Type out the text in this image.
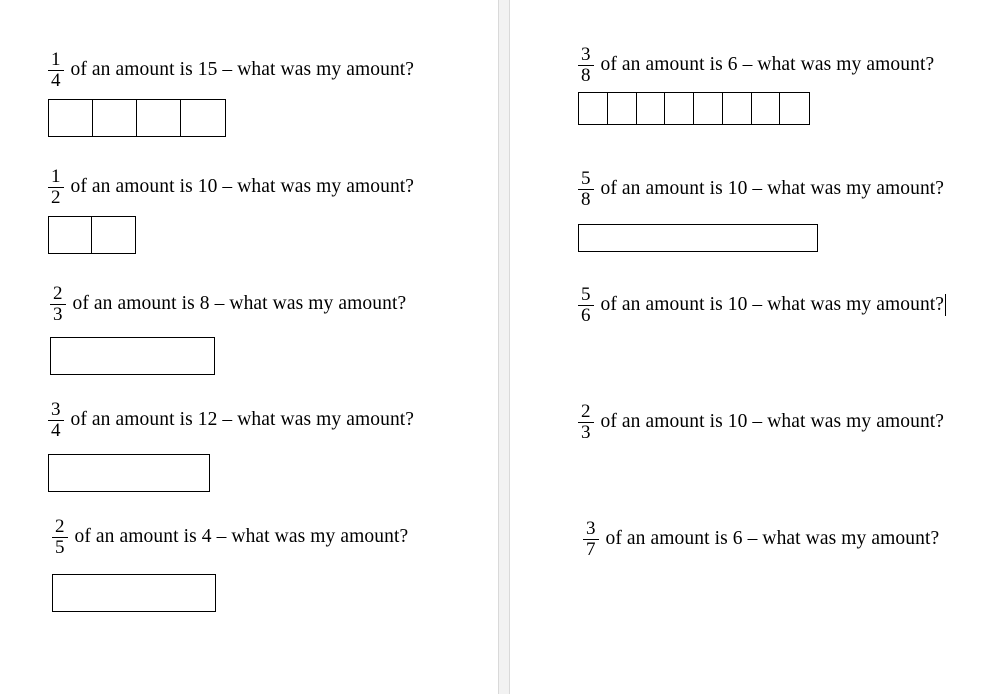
$\frac{1}{4}$ of an amount is 15 – what was my amount?
$\frac{1}{2}$ of an amount is 10 – what was my amount?
$\frac{2}{3}$ of an amount is 8 – what was my amount?
$\frac{3}{4}$ of an amount is 12 – what was my amount?
$\frac{2}{5}$ of an amount is 4 – what was my amount?
$\frac{3}{8}$ of an amount is 6 – what was my amount?
$\frac{5}{8}$ of an amount is 10 – what was my amount?
$\frac{5}{6}$ of an amount is 10 – what was my amount?
$\frac{2}{3}$ of an amount is 10 – what was my amount?
$\frac{3}{7}$ of an amount is 6 – what was my amount?
